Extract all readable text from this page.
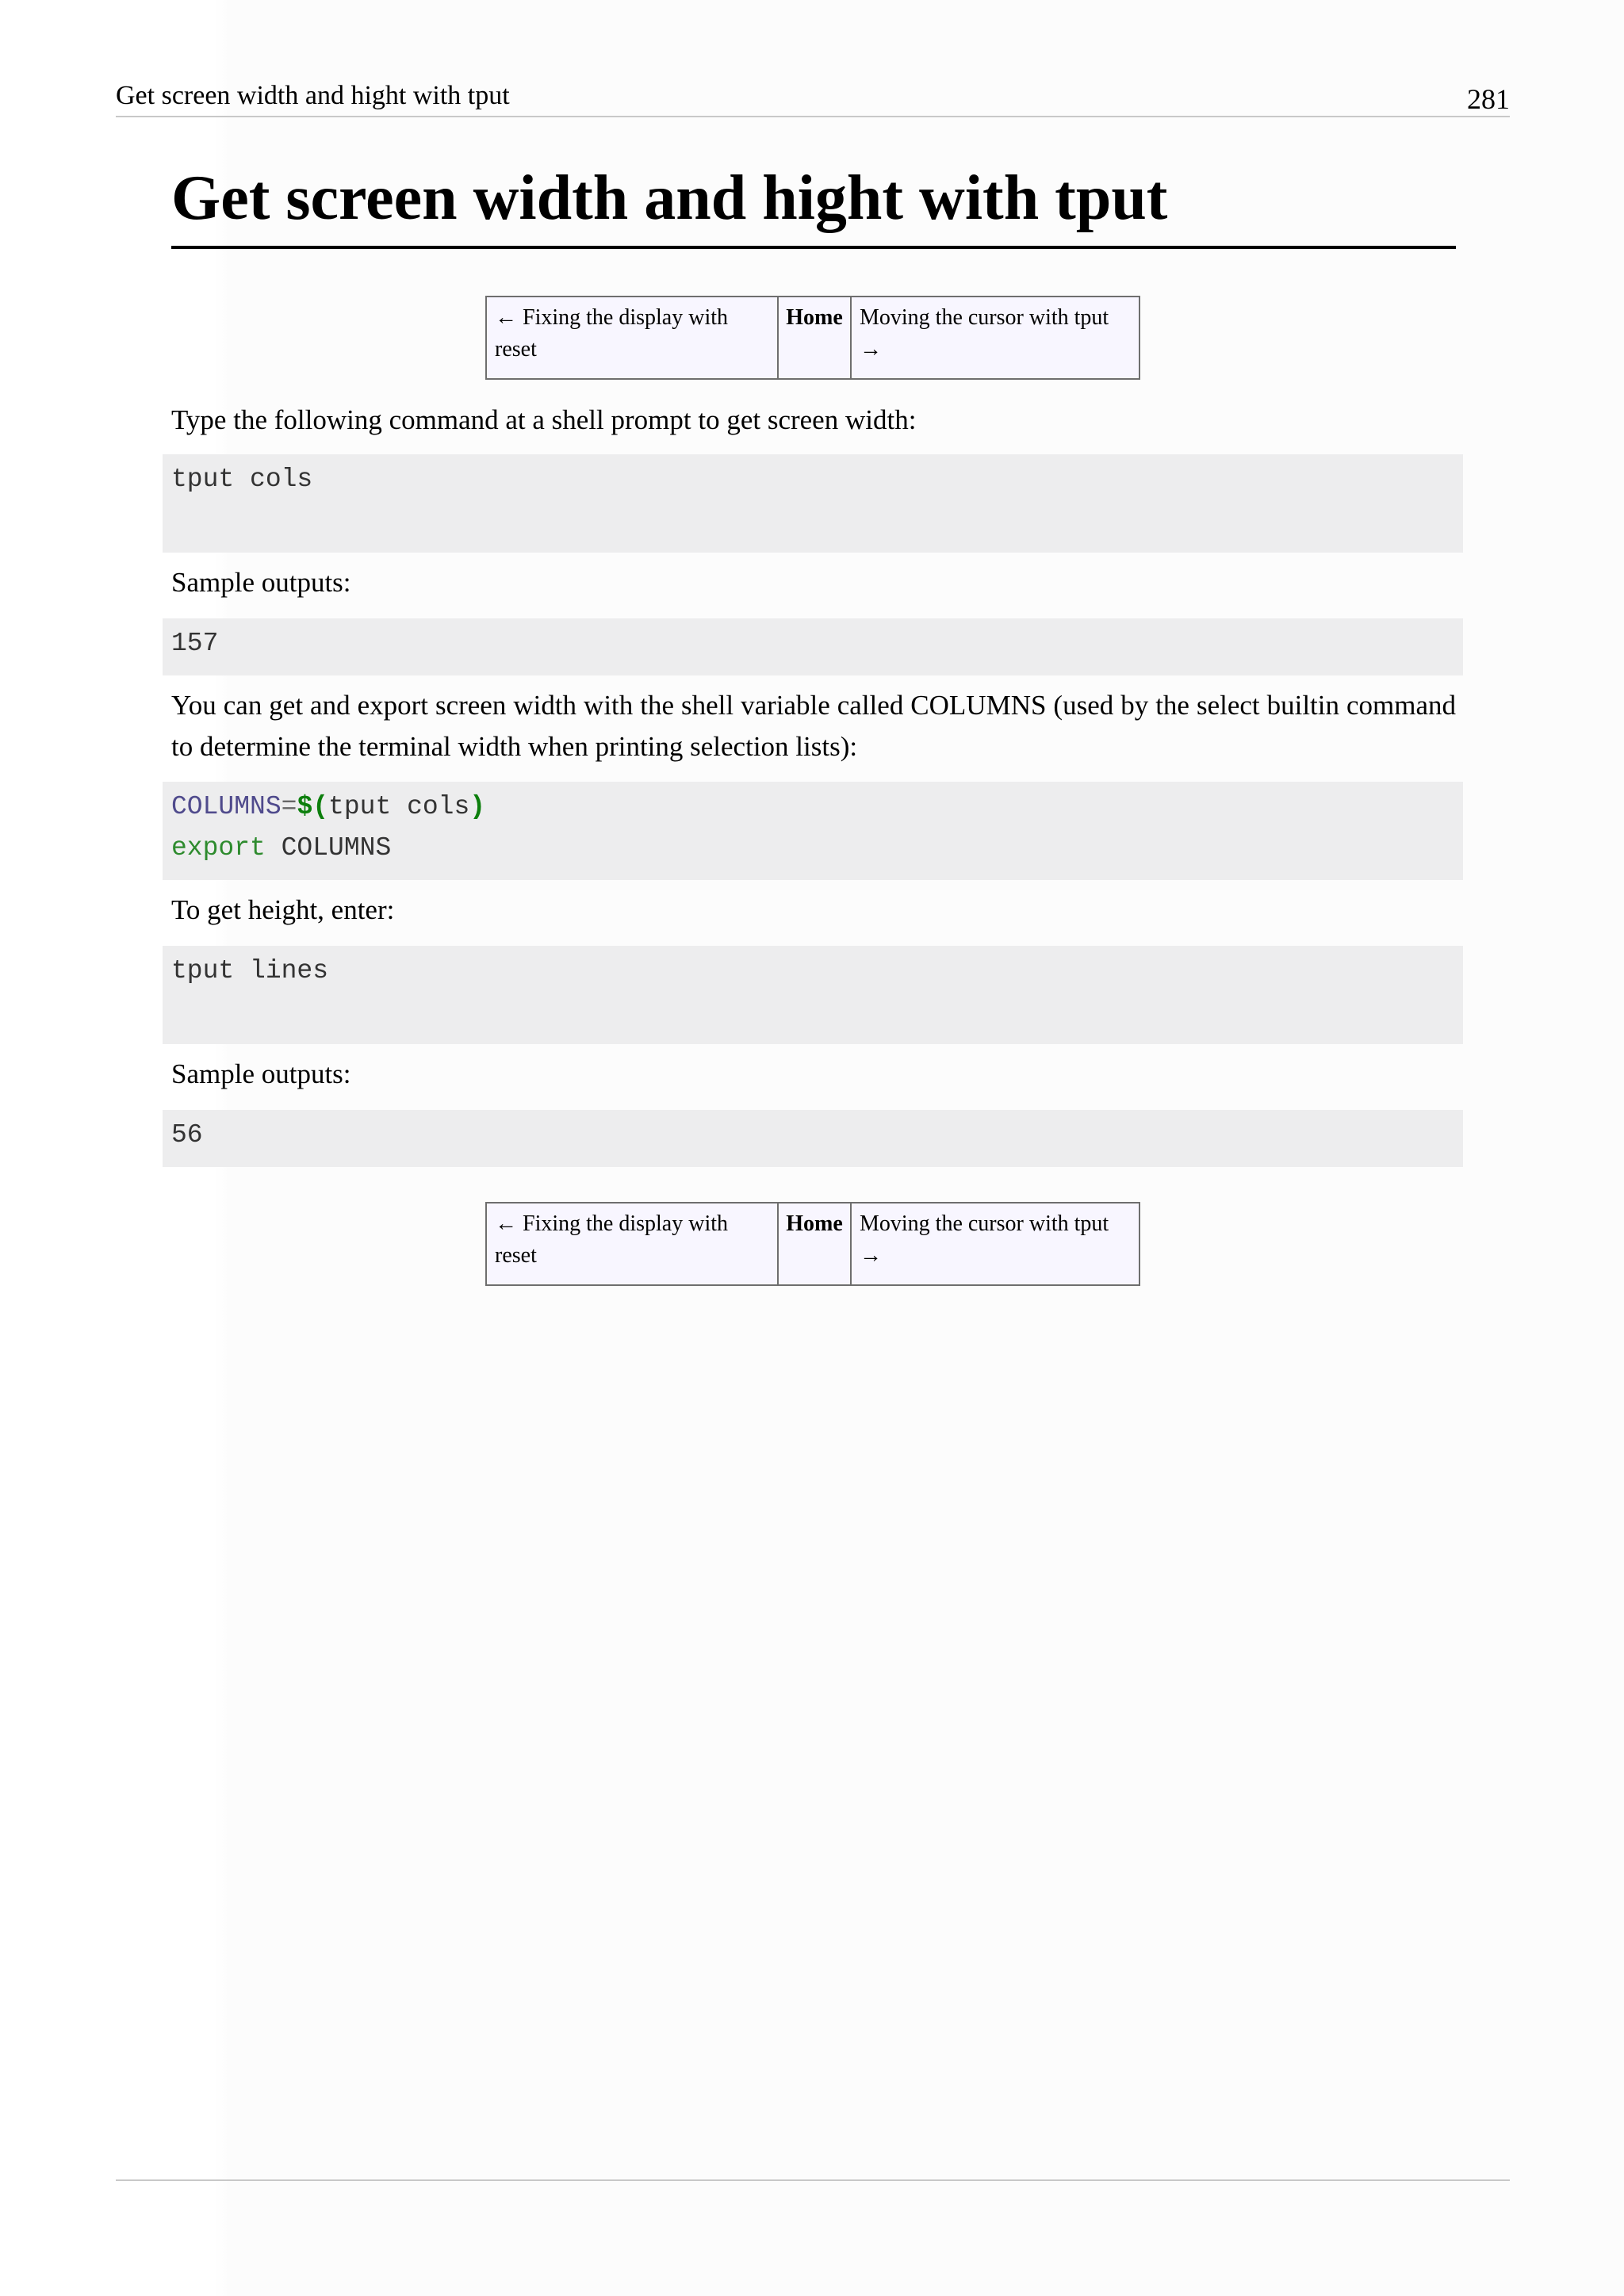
Get screen width and hight with tput	281
Get screen width and hight with tput
← Fixing the display with reset
Home Moving the cursor with tput →

Type the following command at a shell prompt to get screen width:

tput cols

Sample outputs:

157

You can get and export screen width with the shell variable called COLUMNS (used by the select builtin command to determine the terminal width when printing selection lists):

COLUMNS=$(tput cols)
export COLUMNS

To get height, enter:

tput lines

Sample outputs:

56
← Fixing the display with reset
Home Moving the cursor with tput →
